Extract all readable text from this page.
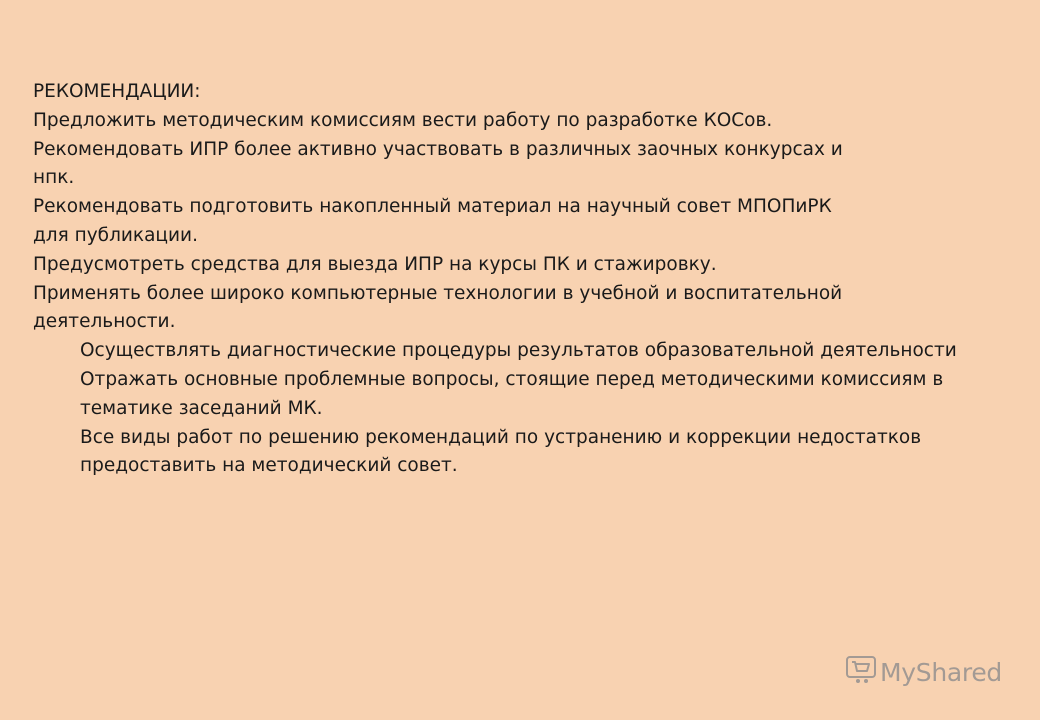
РЕКОМЕНДАЦИИ:
Предложить методическим комиссиям вести работу по разработке КОСов.
Рекомендовать ИПР более активно участвовать в различных заочных конкурсах и
нпк.
Рекомендовать подготовить накопленный материал на научный совет МПОПиРК
для публикации.
Предусмотреть средства для выезда ИПР на курсы ПК и стажировку.
Применять более широко компьютерные технологии в учебной и воспитательной
деятельности.
Осуществлять диагностические процедуры результатов образовательной деятельности
Отражать основные проблемные вопросы, стоящие перед методическими комиссиям в
тематике заседаний МК.
Все виды работ по решению рекомендаций по устранению и коррекции недостатков
предоставить на методический совет.
MyShared
